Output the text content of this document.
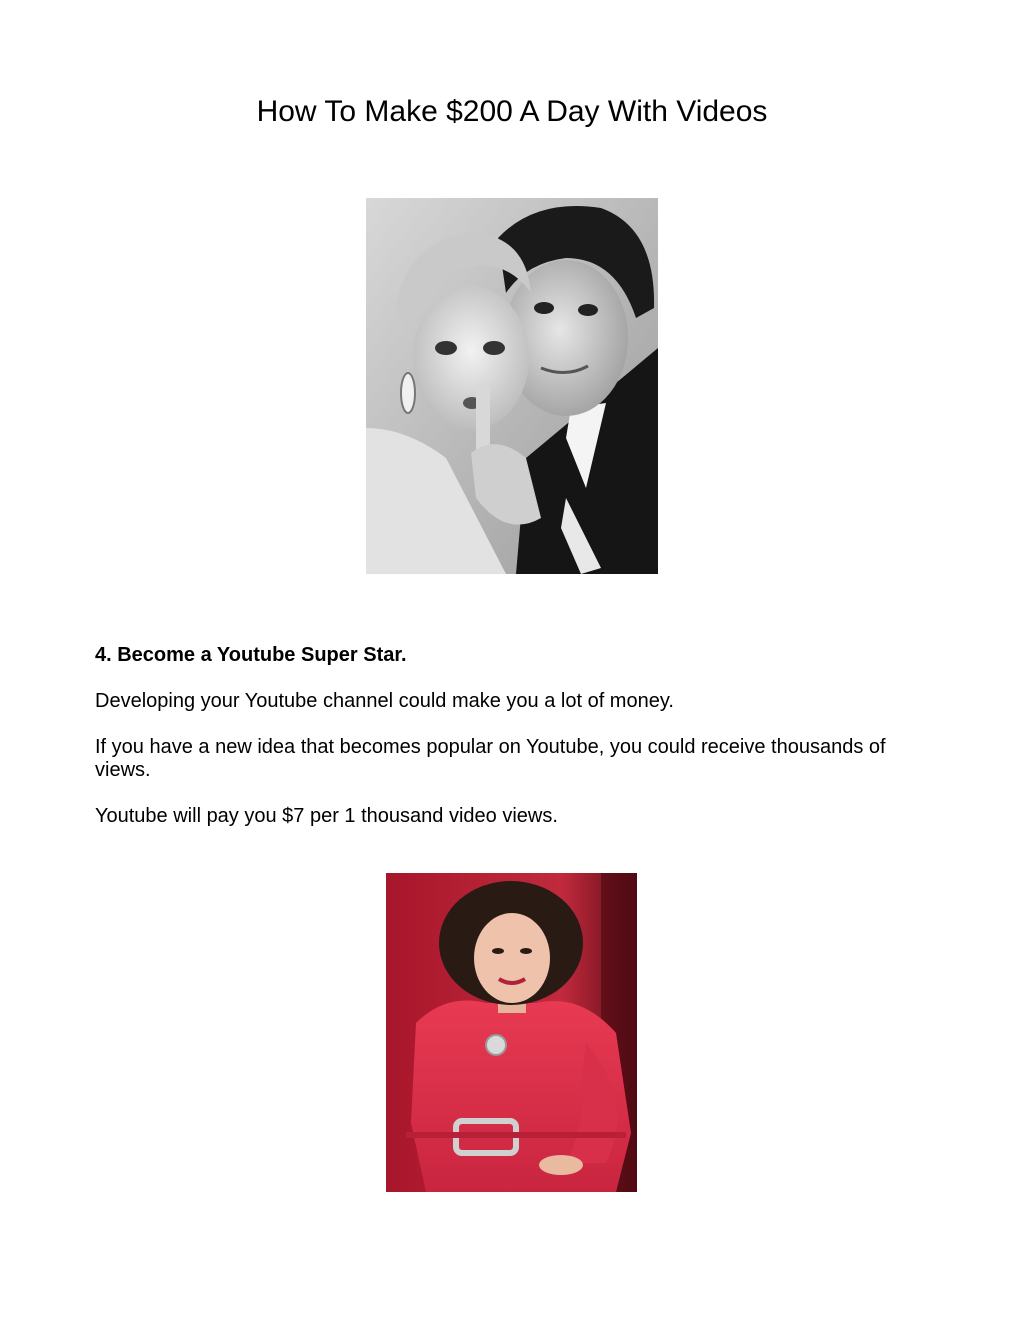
How To Make $200 A Day With Videos
4. Become a Youtube Super Star.
Developing your Youtube channel could make you a lot of money.
If you have a new idea that becomes popular on Youtube, you could receive thousands of views.
Youtube will pay you $7 per 1 thousand video views.
